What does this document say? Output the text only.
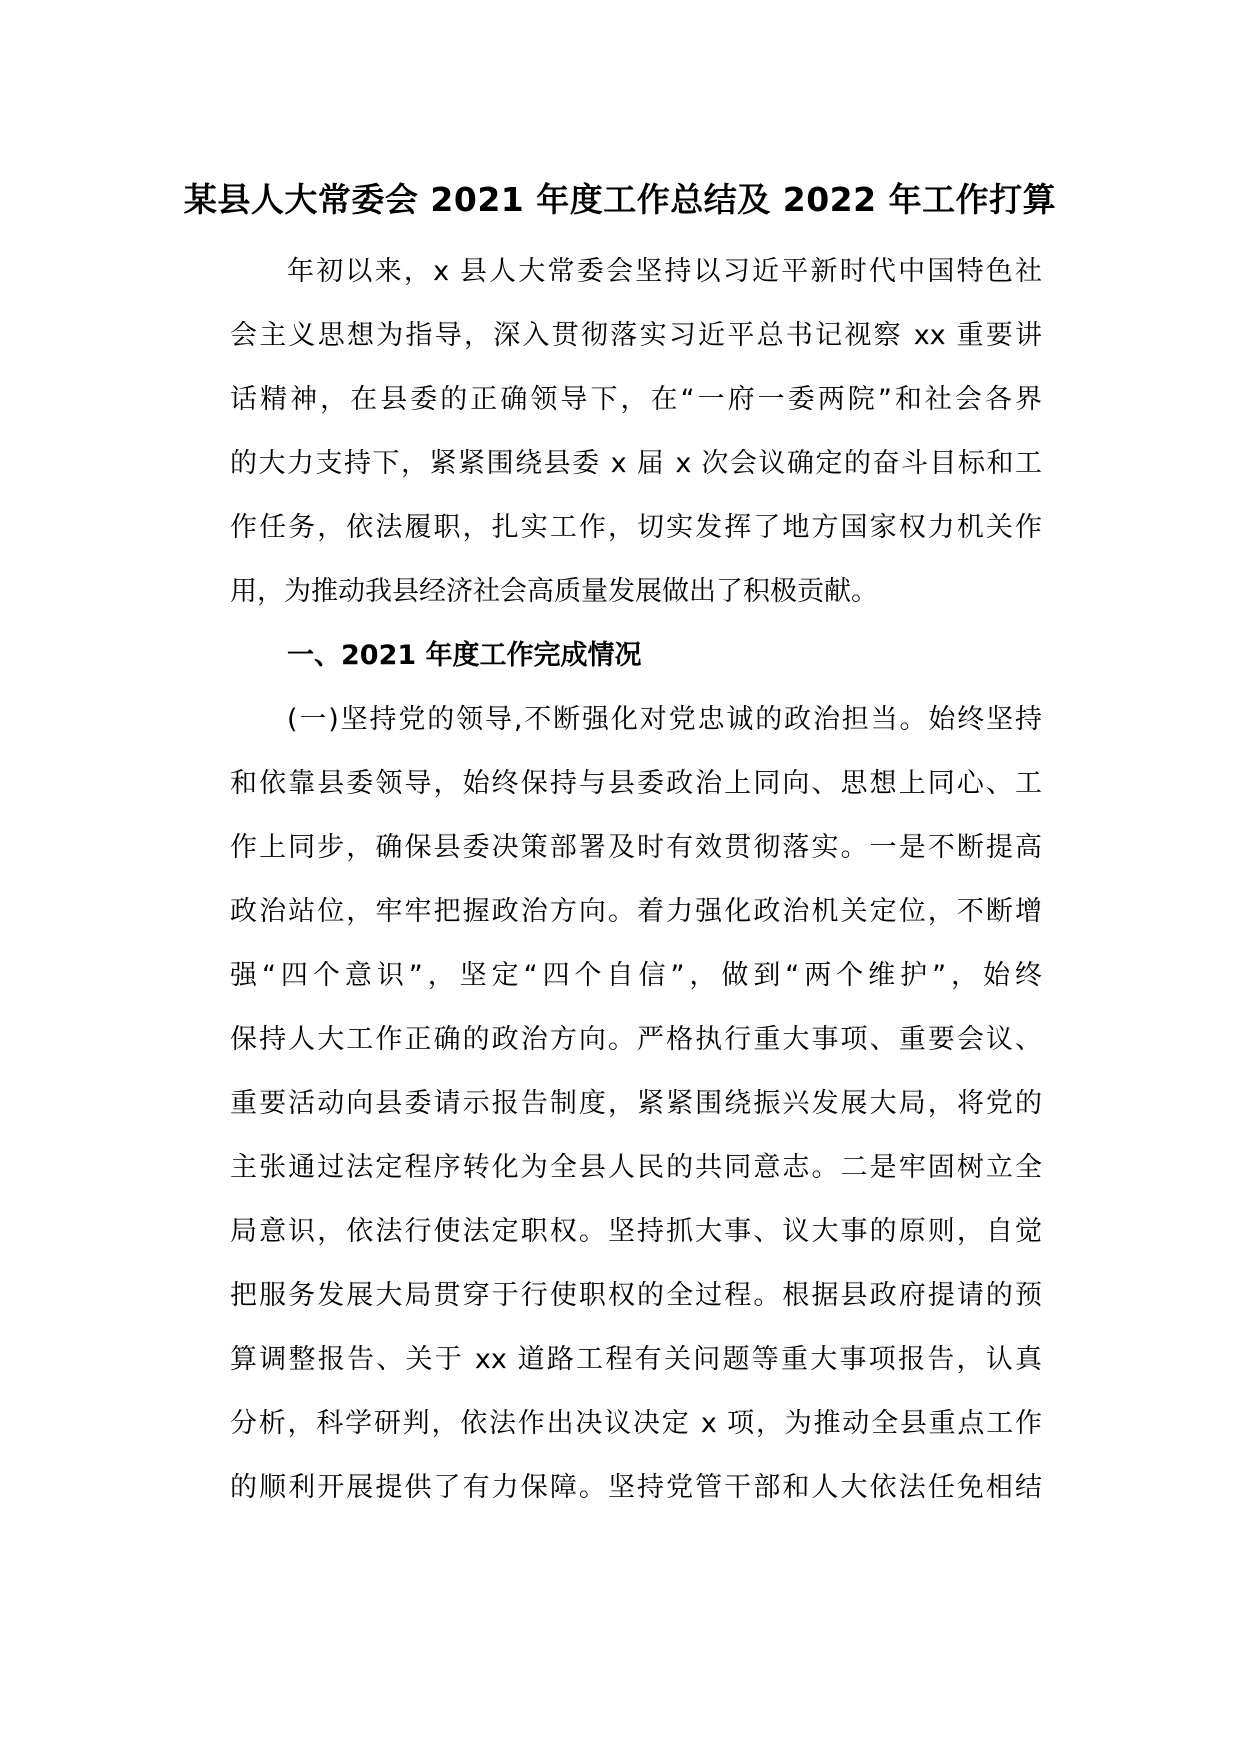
某县人大常委会 2021 年度工作总结及 2022 年工作打算
年初以来，x 县人大常委会坚持以习近平新时代中国特色社
会主义思想为指导，深入贯彻落实习近平总书记视察 xx 重要讲
话精神，在县委的正确领导下，在“一府一委两院”和社会各界
的大力支持下，紧紧围绕县委 x 届 x 次会议确定的奋斗目标和工
作任务，依法履职，扎实工作，切实发挥了地方国家权力机关作
用，为推动我县经济社会高质量发展做出了积极贡献。
一、2021 年度工作完成情况
(一)坚持党的领导,不断强化对党忠诚的政治担当。始终坚持
和依靠县委领导，始终保持与县委政治上同向、思想上同心、工
作上同步，确保县委决策部署及时有效贯彻落实。一是不断提高
政治站位，牢牢把握政治方向。着力强化政治机关定位，不断增
强“四个意识”，坚定“四个自信”，做到“两个维护”，始终
保持人大工作正确的政治方向。严格执行重大事项、重要会议、
重要活动向县委请示报告制度，紧紧围绕振兴发展大局，将党的
主张通过法定程序转化为全县人民的共同意志。二是牢固树立全
局意识，依法行使法定职权。坚持抓大事、议大事的原则，自觉
把服务发展大局贯穿于行使职权的全过程。根据县政府提请的预
算调整报告、关于 xx 道路工程有关问题等重大事项报告，认真
分析，科学研判，依法作出决议决定 x 项，为推动全县重点工作
的顺利开展提供了有力保障。坚持党管干部和人大依法任免相结
